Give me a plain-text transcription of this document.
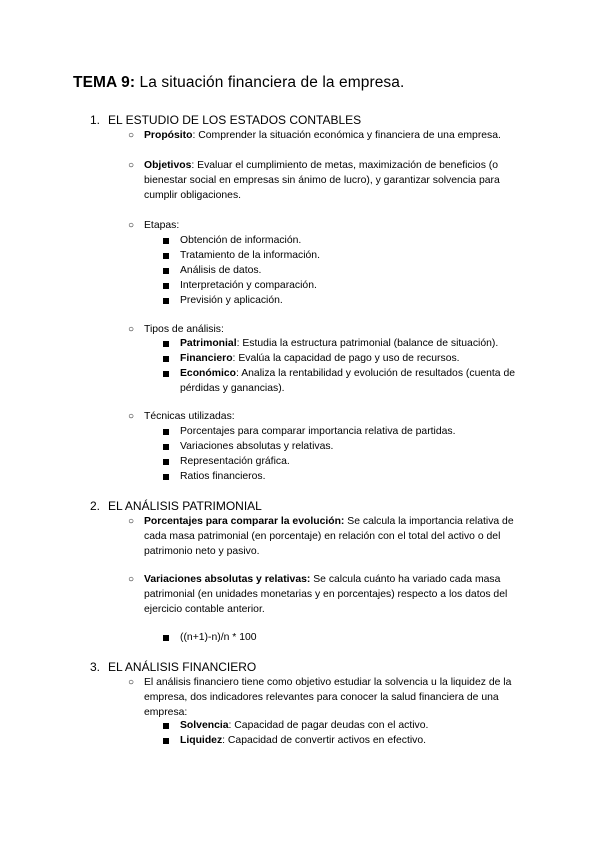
TEMA 9: La situación financiera de la empresa.
1. EL ESTUDIO DE LOS ESTADOS CONTABLES
○ Propósito: Comprender la situación económica y financiera de una empresa.
○ Objetivos: Evaluar el cumplimiento de metas, maximización de beneficios (o bienestar social en empresas sin ánimo de lucro), y garantizar solvencia para cumplir obligaciones.
○ Etapas:
Obtención de información.
Tratamiento de la información.
Análisis de datos.
Interpretación y comparación.
Previsión y aplicación.
○ Tipos de análisis:
Patrimonial: Estudia la estructura patrimonial (balance de situación).
Financiero: Evalúa la capacidad de pago y uso de recursos.
Económico: Analiza la rentabilidad y evolución de resultados (cuenta de pérdidas y ganancias).
○ Técnicas utilizadas:
Porcentajes para comparar importancia relativa de partidas.
Variaciones absolutas y relativas.
Representación gráfica.
Ratios financieros.
2. EL ANÁLISIS PATRIMONIAL
○ Porcentajes para comparar la evolución: Se calcula la importancia relativa de cada masa patrimonial (en porcentaje) en relación con el total del activo o del patrimonio neto y pasivo.
○ Variaciones absolutas y relativas: Se calcula cuánto ha variado cada masa patrimonial (en unidades monetarias y en porcentajes) respecto a los datos del ejercicio contable anterior.
((n+1)-n)/n * 100
3. EL ANÁLISIS FINANCIERO
○ El análisis financiero tiene como objetivo estudiar la solvencia u la liquidez de la empresa, dos indicadores relevantes para conocer la salud financiera de una empresa:
Solvencia: Capacidad de pagar deudas con el activo.
Liquidez: Capacidad de convertir activos en efectivo.
